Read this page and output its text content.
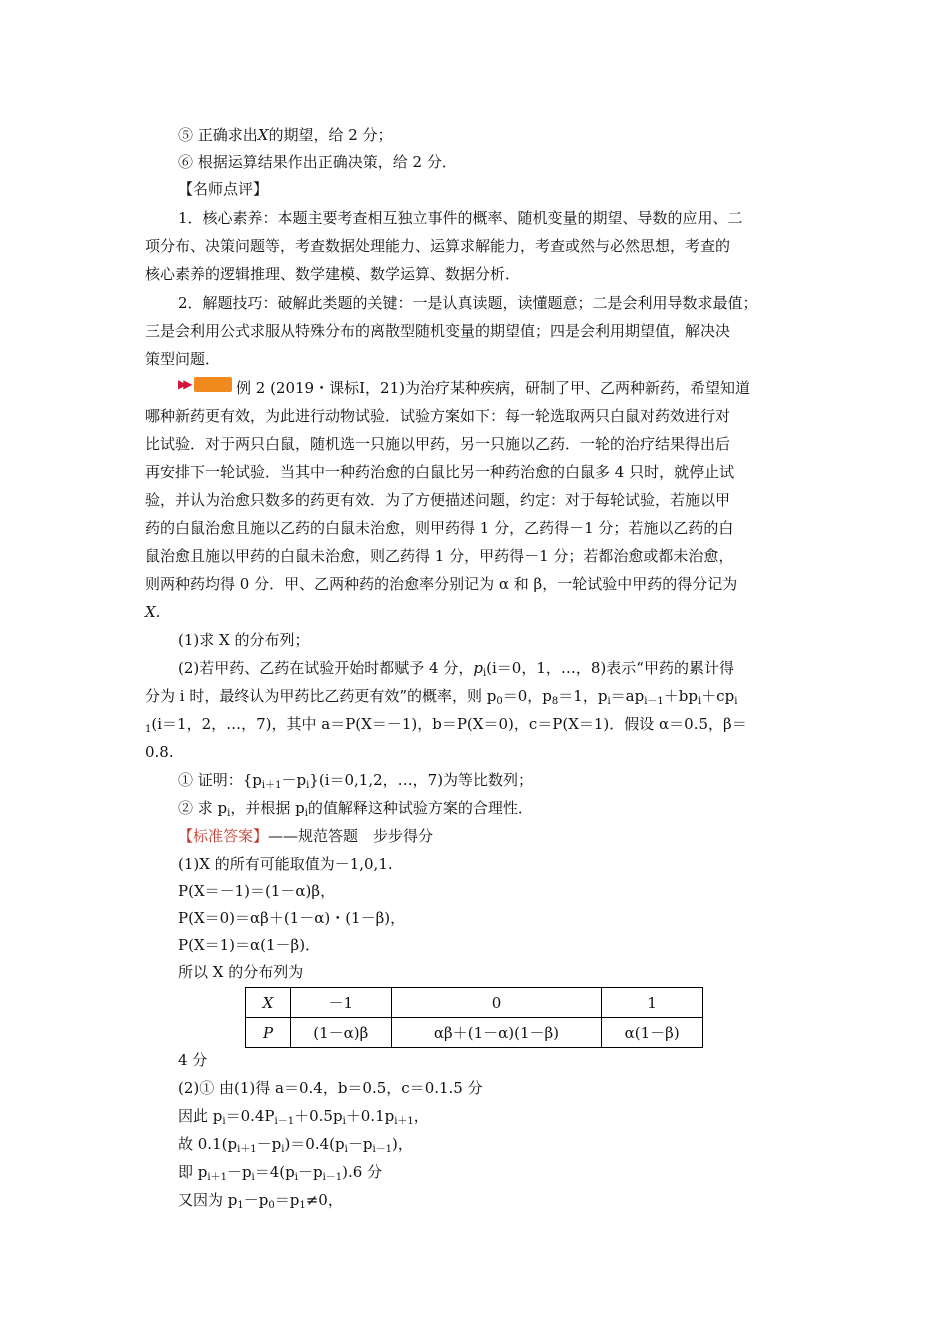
⑤ 正确求出X的期望，给 2 分；
⑥ 根据运算结果作出正确决策，给 2 分．
【名师点评】
1．核心素养：本题主要考查相互独立事件的概率、随机变量的期望、导数的应用、二
项分布、决策问题等，考查数据处理能力、运算求解能力，考查或然与必然思想，考查的
核心素养的逻辑推理、数学建模、数学运算、数据分析．
2．解题技巧：破解此类题的关键：一是认真读题，读懂题意；二是会利用导数求最值；
三是会利用公式求服从特殊分布的离散型随机变量的期望值；四是会利用期望值，解决决
策型问题．
▶▶	例 2 (2019・课标Ⅰ，21)为治疗某种疾病，研制了甲、乙两种新药，希望知道
哪种新药更有效，为此进行动物试验．试验方案如下：每一轮选取两只白鼠对药效进行对
比试验．对于两只白鼠，随机选一只施以甲药，另一只施以乙药．一轮的治疗结果得出后
再安排下一轮试验．当其中一种药治愈的白鼠比另一种药治愈的白鼠多 4 只时，就停止试
验，并认为治愈只数多的药更有效．为了方便描述问题，约定：对于每轮试验，若施以甲
药的白鼠治愈且施以乙药的白鼠未治愈，则甲药得 1 分，乙药得－1 分；若施以乙药的白
鼠治愈且施以甲药的白鼠未治愈，则乙药得 1 分，甲药得－1 分；若都治愈或都未治愈，
则两种药均得 0 分．甲、乙两种药的治愈率分别记为 α 和 β，一轮试验中甲药的得分记为
X.
(1)求 X 的分布列；
(2)若甲药、乙药在试验开始时都赋予 4 分，$p_i(i=0$，1，…，8)表示“甲药的累计得
分为 i 时，最终认为甲药比乙药更有效”的概率，则 $p_0=0$，$p_8=1$，$p_i=ap_{i-1}+bp_i+cp_i$
$_1$(i＝1，2，…，7)，其中 a＝P(X＝－1)，b＝P(X＝0)，c＝P(X＝1)．假设 α＝0.5，β＝
0.8.
① 证明：$\{p_{i+1}-p_i\}(i=0,1,2$，…，7)为等比数列；
② 求 $p_i$，并根据 $p_i$的值解释这种试验方案的合理性．
【标准答案】——规范答题　步步得分
(1)X 的所有可能取值为－1,0,1.
P(X＝－1)＝(1－α)β，
P(X＝0)＝αβ＋(1－α)・(1－β)，
P(X＝1)＝α(1－β)．
所以 X 的分布列为
X	－1	0	1
P	(1－α)β	αβ＋(1－α)(1－β)	α(1－β)
4 分
(2)① 由(1)得 a＝0.4，b＝0.5，c＝0.1.5 分
因此 $p_i=0.4P_{i-1}+0.5p_i+0.1p_{i+1}$，
故 $0.1(p_{i+1}-p_i)=0.4(p_i-p_{i-1})$，
即 $p_{i+1}-p_i=4(p_i-p_{i-1}).6$ 分
又因为 $p_1-p_0=p_1\ne 0$，
